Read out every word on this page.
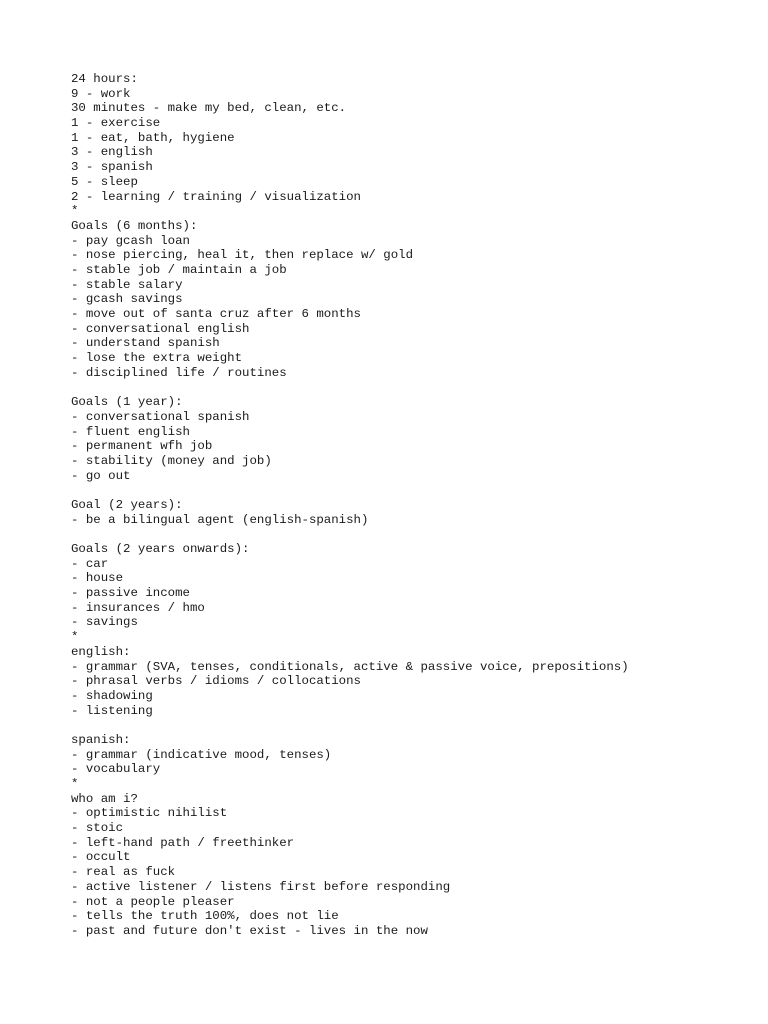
24 hours:
9 - work
30 minutes - make my bed, clean, etc.
1 - exercise
1 - eat, bath, hygiene
3 - english
3 - spanish
5 - sleep
2 - learning / training / visualization
*
Goals (6 months):
- pay gcash loan
- nose piercing, heal it, then replace w/ gold
- stable job / maintain a job
- stable salary
- gcash savings
- move out of santa cruz after 6 months
- conversational english
- understand spanish
- lose the extra weight
- disciplined life / routines
Goals (1 year):
- conversational spanish
- fluent english
- permanent wfh job
- stability (money and job)
- go out
Goal (2 years):
- be a bilingual agent (english-spanish)
Goals (2 years onwards):
- car
- house
- passive income
- insurances / hmo
- savings
*
english:
- grammar (SVA, tenses, conditionals, active & passive voice, prepositions)
- phrasal verbs / idioms / collocations
- shadowing
- listening
spanish:
- grammar (indicative mood, tenses)
- vocabulary
*
who am i?
- optimistic nihilist
- stoic
- left-hand path / freethinker
- occult
- real as fuck
- active listener / listens first before responding
- not a people pleaser
- tells the truth 100%, does not lie
- past and future don't exist - lives in the now
